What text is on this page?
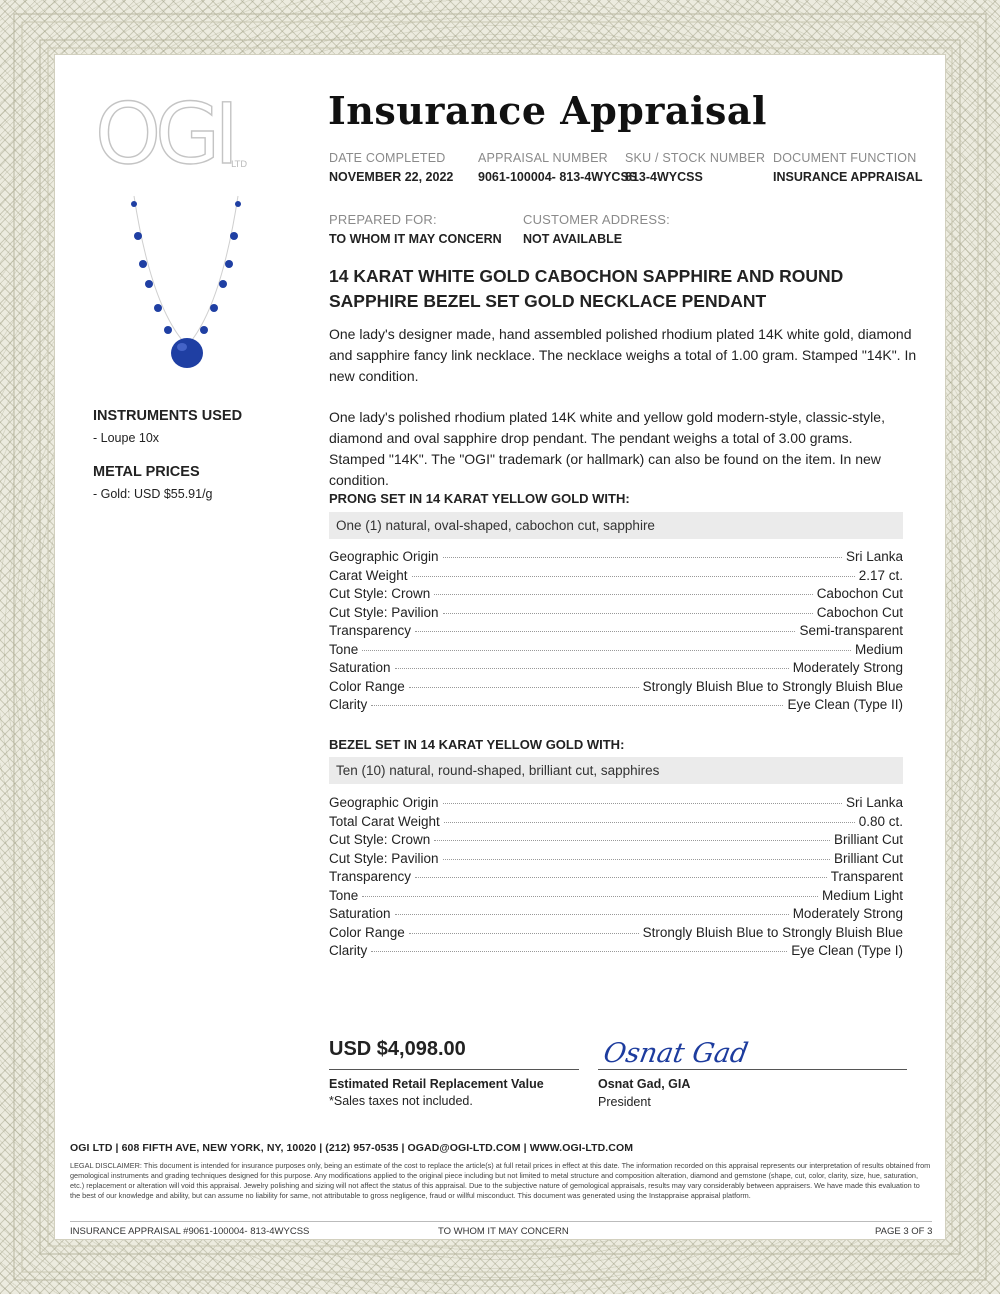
OGI
LTD
Insurance Appraisal
DATE COMPLETED
NOVEMBER 22, 2022
APPRAISAL NUMBER
9061-100004- 813-4WYCSS
SKU / STOCK NUMBER
813-4WYCSS
DOCUMENT FUNCTION
INSURANCE APPRAISAL
PREPARED FOR:
TO WHOM IT MAY CONCERN
CUSTOMER ADDRESS:
NOT AVAILABLE
INSTRUMENTS USED
- Loupe 10x
METAL PRICES
- Gold: USD $55.91/g
14 KARAT WHITE GOLD CABOCHON SAPPHIRE AND ROUND
SAPPHIRE BEZEL SET GOLD NECKLACE PENDANT
One lady's designer made, hand assembled polished rhodium plated 14K white gold, diamond and sapphire fancy link necklace. The necklace weighs a total of 1.00 gram. Stamped "14K". In new condition.
One lady's polished rhodium plated 14K white and yellow gold modern-style, classic-style, diamond and oval sapphire drop pendant. The pendant weighs a total of 3.00 grams. Stamped "14K". The "OGI" trademark (or hallmark) can also be found on the item. In new condition.
PRONG SET IN 14 KARAT YELLOW GOLD WITH:
One (1) natural, oval-shaped, cabochon cut, sapphire
Geographic Origin	Sri Lanka
Carat Weight	2.17 ct.
Cut Style: Crown	Cabochon Cut
Cut Style: Pavilion	Cabochon Cut
Transparency	Semi-transparent
Tone	Medium
Saturation	Moderately Strong
Color Range	Strongly Bluish Blue to Strongly Bluish Blue
Clarity	Eye Clean (Type II)
BEZEL SET IN 14 KARAT YELLOW GOLD WITH:
Ten (10) natural, round-shaped, brilliant cut, sapphires
Geographic Origin	Sri Lanka
Total Carat Weight	0.80 ct.
Cut Style: Crown	Brilliant Cut
Cut Style: Pavilion	Brilliant Cut
Transparency	Transparent
Tone	Medium Light
Saturation	Moderately Strong
Color Range	Strongly Bluish Blue to Strongly Bluish Blue
Clarity	Eye Clean (Type I)
USD $4,098.00
Estimated Retail Replacement Value
*Sales taxes not included.
Osnat Gad
Osnat Gad, GIA
President
OGI LTD | 608 FIFTH AVE, NEW YORK, NY, 10020 | (212) 957-0535 | OGAD@OGI-LTD.COM | WWW.OGI-LTD.COM
LEGAL DISCLAIMER: This document is intended for insurance purposes only, being an estimate of the cost to replace the article(s) at full retail prices in effect at this date. The information recorded on this appraisal represents our interpretation of results obtained from gemological instruments and grading techniques designed for this purpose. Any modifications applied to the original piece including but not limited to metal structure and composition alteration, diamond and gemstone (shape, cut, color, clarity, size, hue, saturation, etc.) replacement or alteration will void this appraisal. Jewelry polishing and sizing will not affect the status of this appraisal. Due to the subjective nature of gemological appraisals, results may vary considerably between appraisers. We have made this evaluation to the best of our knowledge and ability, but can assume no liability for same, not attributable to gross negligence, fraud or willful misconduct. This document was generated using the Instappraise appraisal platform.
INSURANCE APPRAISAL #9061-100004- 813-4WYCSS	TO WHOM IT MAY CONCERN	PAGE 3 OF 3
